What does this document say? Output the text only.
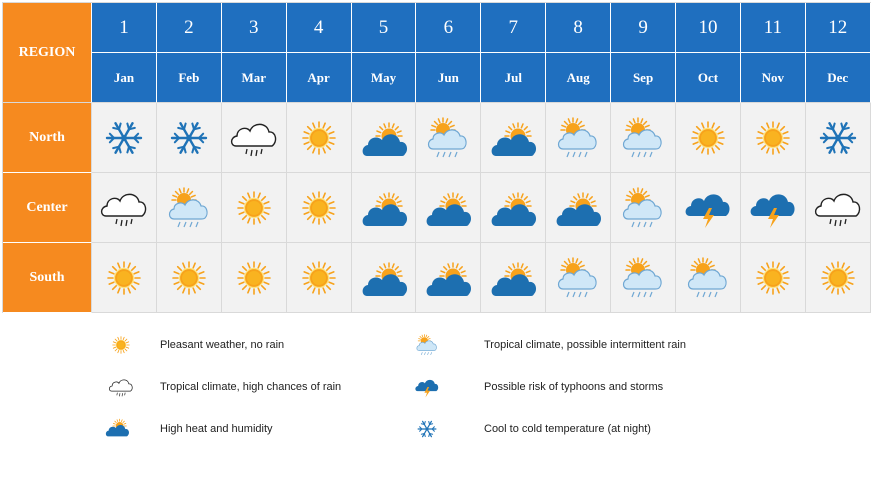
REGION
1	2	3	4	5	6	7	8	9	10	11	12
Jan	Feb	Mar	Apr	May	Jun	Jul	Aug	Sep	Oct	Nov	Dec
North
Center
South
Pleasant weather, no rain	Tropical climate, possible intermittent rain
Tropical climate, high chances of rain	Possible risk of typhoons and storms
High heat and humidity	Cool to cold temperature (at night)
